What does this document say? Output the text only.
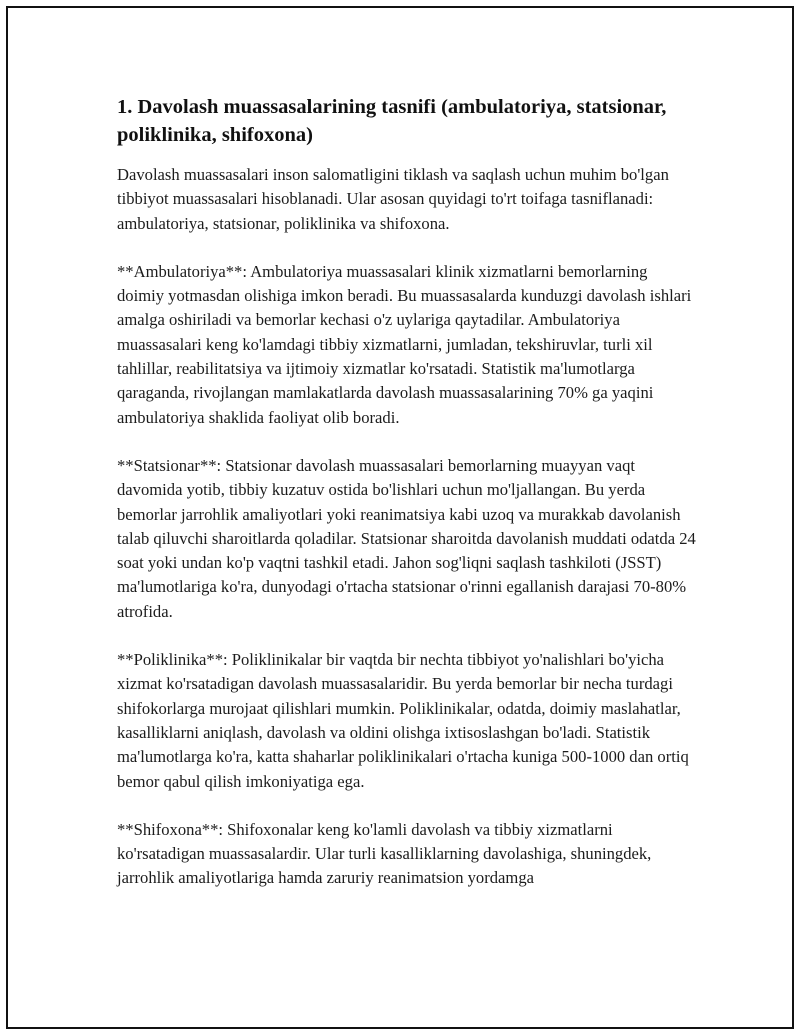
1. Davolash muassasalarining tasnifi (ambulatoriya, statsionar, poliklinika, shifoxona)

Davolash muassasalari inson salomatligini tiklash va saqlash uchun muhim bo'lgan tibbiyot muassasalari hisoblanadi. Ular asosan quyidagi to'rt toifaga tasniflanadi: ambulatoriya, statsionar, poliklinika va shifoxona.

**Ambulatoriya**: Ambulatoriya muassasalari klinik xizmatlarni bemorlarning doimiy yotmasdan olishiga imkon beradi. Bu muassasalarda kunduzgi davolash ishlari amalga oshiriladi va bemorlar kechasi o'z uylariga qaytadilar. Ambulatoriya muassasalari keng ko'lamdagi tibbiy xizmatlarni, jumladan, tekshiruvlar, turli xil tahlillar, reabilitatsiya va ijtimoiy xizmatlar ko'rsatadi. Statistik ma'lumotlarga qaraganda, rivojlangan mamlakatlarda davolash muassasalarining 70% ga yaqini ambulatoriya shaklida faoliyat olib boradi.

**Statsionar**: Statsionar davolash muassasalari bemorlarning muayyan vaqt davomida yotib, tibbiy kuzatuv ostida bo'lishlari uchun mo'ljallangan. Bu yerda bemorlar jarrohlik amaliyotlari yoki reanimatsiya kabi uzoq va murakkab davolanish talab qiluvchi sharoitlarda qoladilar. Statsionar sharoitda davolanish muddati odatda 24 soat yoki undan ko'p vaqtni tashkil etadi. Jahon sog'liqni saqlash tashkiloti (JSST) ma'lumotlariga ko'ra, dunyodagi o'rtacha statsionar o'rinni egallanish darajasi 70-80% atrofida.

**Poliklinika**: Poliklinikalar bir vaqtda bir nechta tibbiyot yo'nalishlari bo'yicha xizmat ko'rsatadigan davolash muassasalaridir. Bu yerda bemorlar bir necha turdagi shifokorlarga murojaat qilishlari mumkin. Poliklinikalar, odatda, doimiy maslahatlar, kasalliklarni aniqlash, davolash va oldini olishga ixtisoslashgan bo'ladi. Statistik ma'lumotlarga ko'ra, katta shaharlar poliklinikalari o'rtacha kuniga 500-1000 dan ortiq bemor qabul qilish imkoniyatiga ega.

**Shifoxona**: Shifoxonalar keng ko'lamli davolash va tibbiy xizmatlarni ko'rsatadigan muassasalardir. Ular turli kasalliklarning davolashiga, shuningdek, jarrohlik amaliyotlariga hamda zaruriy reanimatsion yordamga
